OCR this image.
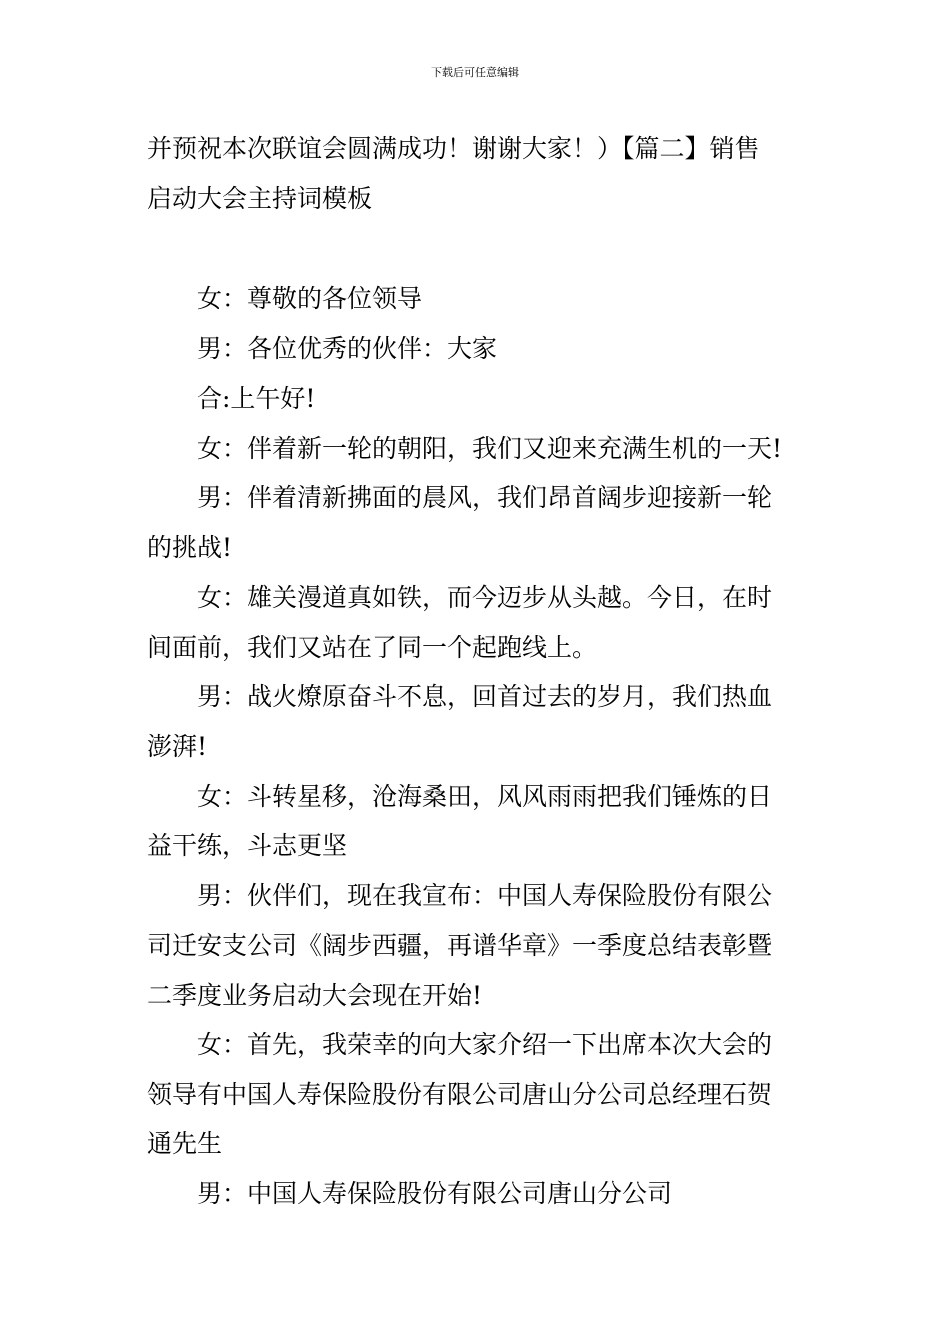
下载后可任意编辑
并预祝本次联谊会圆满成功！谢谢大家！）【篇二】销售
启动大会主持词模板
女：尊敬的各位领导
男：各位优秀的伙伴：大家
合:上午好!
女：伴着新一轮的朝阳，我们又迎来充满生机的一天!
男：伴着清新拂面的晨风，我们昂首阔步迎接新一轮
的挑战!
女：雄关漫道真如铁，而今迈步从头越。今日，在时
间面前，我们又站在了同一个起跑线上。
男：战火燎原奋斗不息，回首过去的岁月，我们热血
澎湃!
女：斗转星移，沧海桑田，风风雨雨把我们锤炼的日
益干练，斗志更坚
男：伙伴们，现在我宣布：中国人寿保险股份有限公
司迁安支公司《阔步西疆，再谱华章》一季度总结表彰暨
二季度业务启动大会现在开始!
女：首先，我荣幸的向大家介绍一下出席本次大会的
领导有中国人寿保险股份有限公司唐山分公司总经理石贺
通先生
男：中国人寿保险股份有限公司唐山分公司
